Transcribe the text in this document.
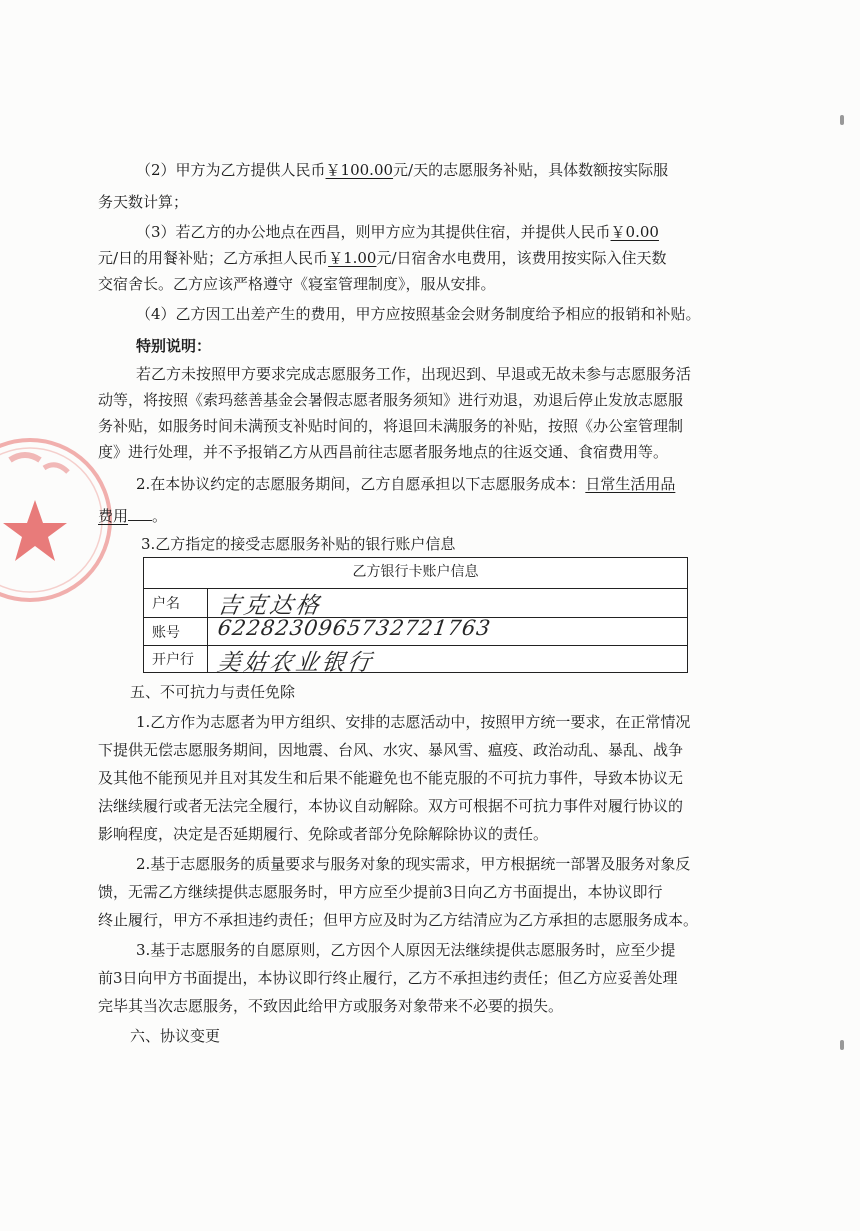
（2）甲方为乙方提供人民币￥100.00元/天的志愿服务补贴，具体数额按实际服
务天数计算；
（3）若乙方的办公地点在西昌，则甲方应为其提供住宿，并提供人民币￥0.00
元/日的用餐补贴；乙方承担人民币￥1.00元/日宿舍水电费用，该费用按实际入住天数
交宿舍长。乙方应该严格遵守《寝室管理制度》，服从安排。
（4）乙方因工出差产生的费用，甲方应按照基金会财务制度给予相应的报销和补贴。
特别说明：
若乙方未按照甲方要求完成志愿服务工作，出现迟到、早退或无故未参与志愿服务活
动等，将按照《索玛慈善基金会暑假志愿者服务须知》进行劝退，劝退后停止发放志愿服
务补贴，如服务时间未满预支补贴时间的，将退回未满服务的补贴，按照《办公室管理制
度》进行处理，并不予报销乙方从西昌前往志愿者服务地点的往返交通、食宿费用等。
2.在本协议约定的志愿服务期间，乙方自愿承担以下志愿服务成本：日常生活用品
费用 。
3.乙方指定的接受志愿服务补贴的银行账户信息
乙方银行卡账户信息
户名	吉克达格
账号	6228230965732721763
开户行 美姑农业银行
五、不可抗力与责任免除
1.乙方作为志愿者为甲方组织、安排的志愿活动中，按照甲方统一要求，在正常情况
下提供无偿志愿服务期间，因地震、台风、水灾、暴风雪、瘟疫、政治动乱、暴乱、战争
及其他不能预见并且对其发生和后果不能避免也不能克服的不可抗力事件，导致本协议无
法继续履行或者无法完全履行，本协议自动解除。双方可根据不可抗力事件对履行协议的
影响程度，决定是否延期履行、免除或者部分免除解除协议的责任。
2.基于志愿服务的质量要求与服务对象的现实需求，甲方根据统一部署及服务对象反
馈，无需乙方继续提供志愿服务时，甲方应至少提前3日向乙方书面提出，本协议即行
终止履行，甲方不承担违约责任；但甲方应及时为乙方结清应为乙方承担的志愿服务成本。
3.基于志愿服务的自愿原则，乙方因个人原因无法继续提供志愿服务时，应至少提
前3日向甲方书面提出，本协议即行终止履行，乙方不承担违约责任；但乙方应妥善处理
完毕其当次志愿服务，不致因此给甲方或服务对象带来不必要的损失。
六、协议变更
